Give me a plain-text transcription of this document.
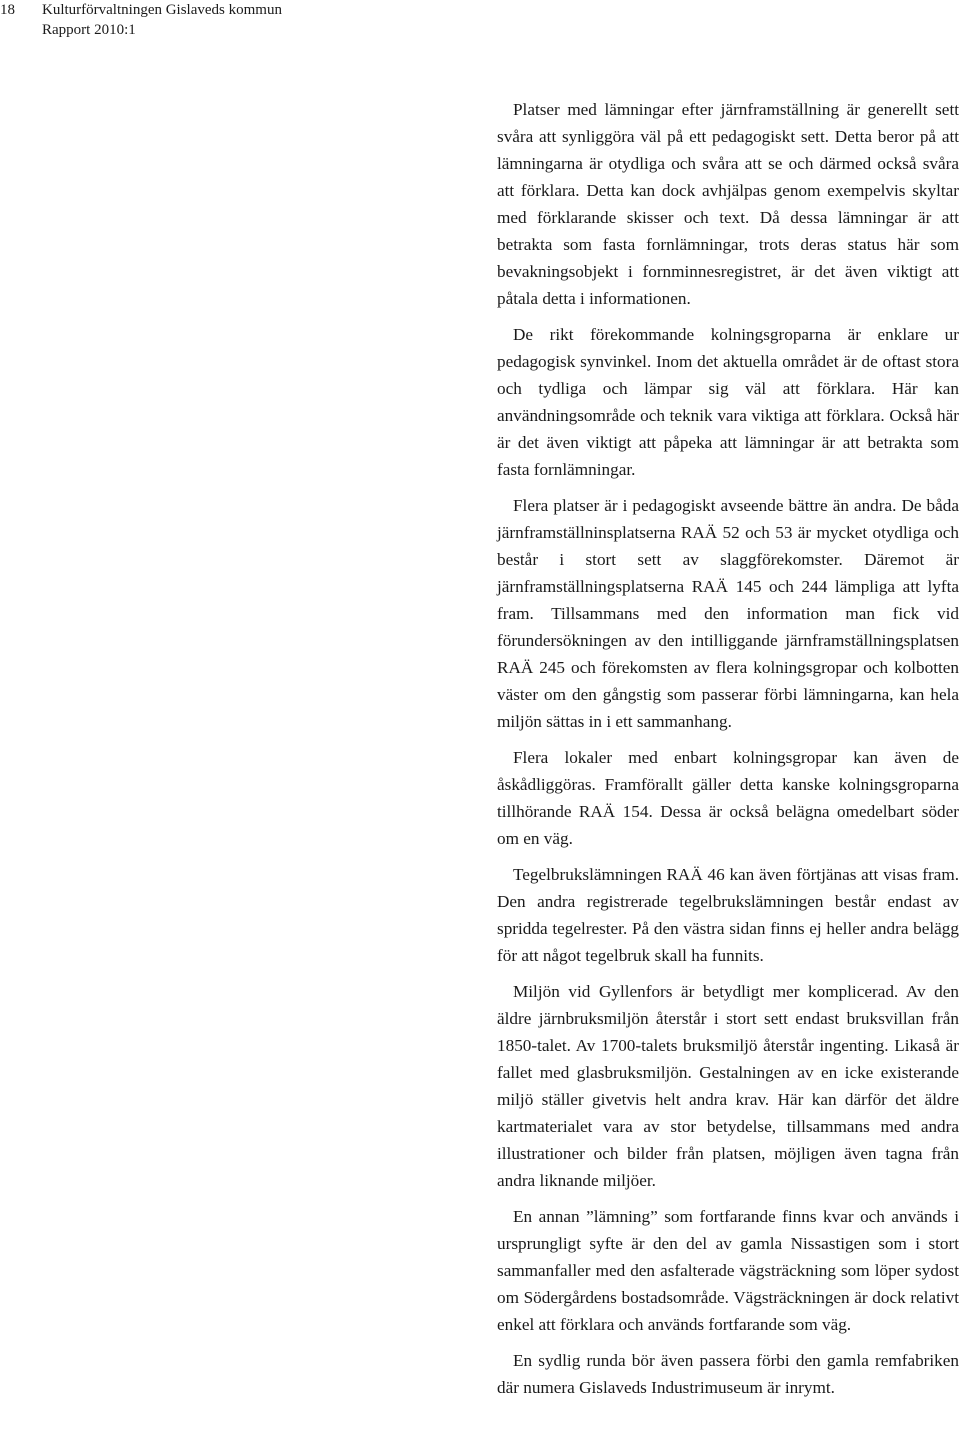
18 Kulturförvaltningen Gislaveds kommun
Rapport 2010:1

Platser med lämningar efter järnframställning är generellt sett svåra att synliggöra väl på ett pedagogiskt sett. Detta beror på att lämningarna är otydliga och svåra att se och därmed också svåra att förklara. Detta kan dock avhjälpas genom exempelvis skyltar med förklarande skisser och text. Då dessa lämningar är att betrakta som fasta fornlämningar, trots deras status här som bevakningsobjekt i fornminnesregistret, är det även viktigt att påtala detta i informationen.

De rikt förekommande kolningsgroparna är enklare ur pedagogisk synvinkel. Inom det aktuella området är de oftast stora och tydliga och lämpar sig väl att förklara. Här kan användningsområde och teknik vara viktiga att förklara. Också här är det även viktigt att påpeka att lämningar är att betrakta som fasta fornlämningar.

Flera platser är i pedagogiskt avseende bättre än andra. De båda järnframställninsplatserna RAÄ 52 och 53 är mycket otydliga och består i stort sett av slaggförekomster. Däremot är järnframställningsplatserna RAÄ 145 och 244 lämpliga att lyfta fram. Tillsammans med den information man fick vid förundersökningen av den intilliggande järnframställningsplatsen RAÄ 245 och förekomsten av flera kolningsgropar och kolbotten väster om den gångstig som passerar förbi lämningarna, kan hela miljön sättas in i ett sammanhang.

Flera lokaler med enbart kolningsgropar kan även de åskådliggöras. Framförallt gäller detta kanske kolningsgroparna tillhörande RAÄ 154. Dessa är också belägna omedelbart söder om en väg.

Tegelbrukslämningen RAÄ 46 kan även förtjänas att visas fram. Den andra registrerade tegelbrukslämningen består endast av spridda tegelrester. På den västra sidan finns ej heller andra belägg för att något tegelbruk skall ha funnits.

Miljön vid Gyllenfors är betydligt mer komplicerad. Av den äldre järnbruksmiljön återstår i stort sett endast bruksvillan från 1850-talet. Av 1700-talets bruksmiljö återstår ingenting. Likaså är fallet med glasbruksmiljön. Gestalningen av en icke existerande miljö ställer givetvis helt andra krav. Här kan därför det äldre kartmaterialet vara av stor betydelse, tillsammans med andra illustrationer och bilder från platsen, möjligen även tagna från andra liknande miljöer.

En annan ”lämning” som fortfarande finns kvar och används i ursprungligt syfte är den del av gamla Nissastigen som i stort sammanfaller med den asfalterade vägsträckning som löper sydost om Södergårdens bostadsområde. Vägsträckningen är dock relativt enkel att förklara och används fortfarande som väg.

En sydlig runda bör även passera förbi den gamla remfabriken där numera Gislaveds Industrimuseum är inrymt.
